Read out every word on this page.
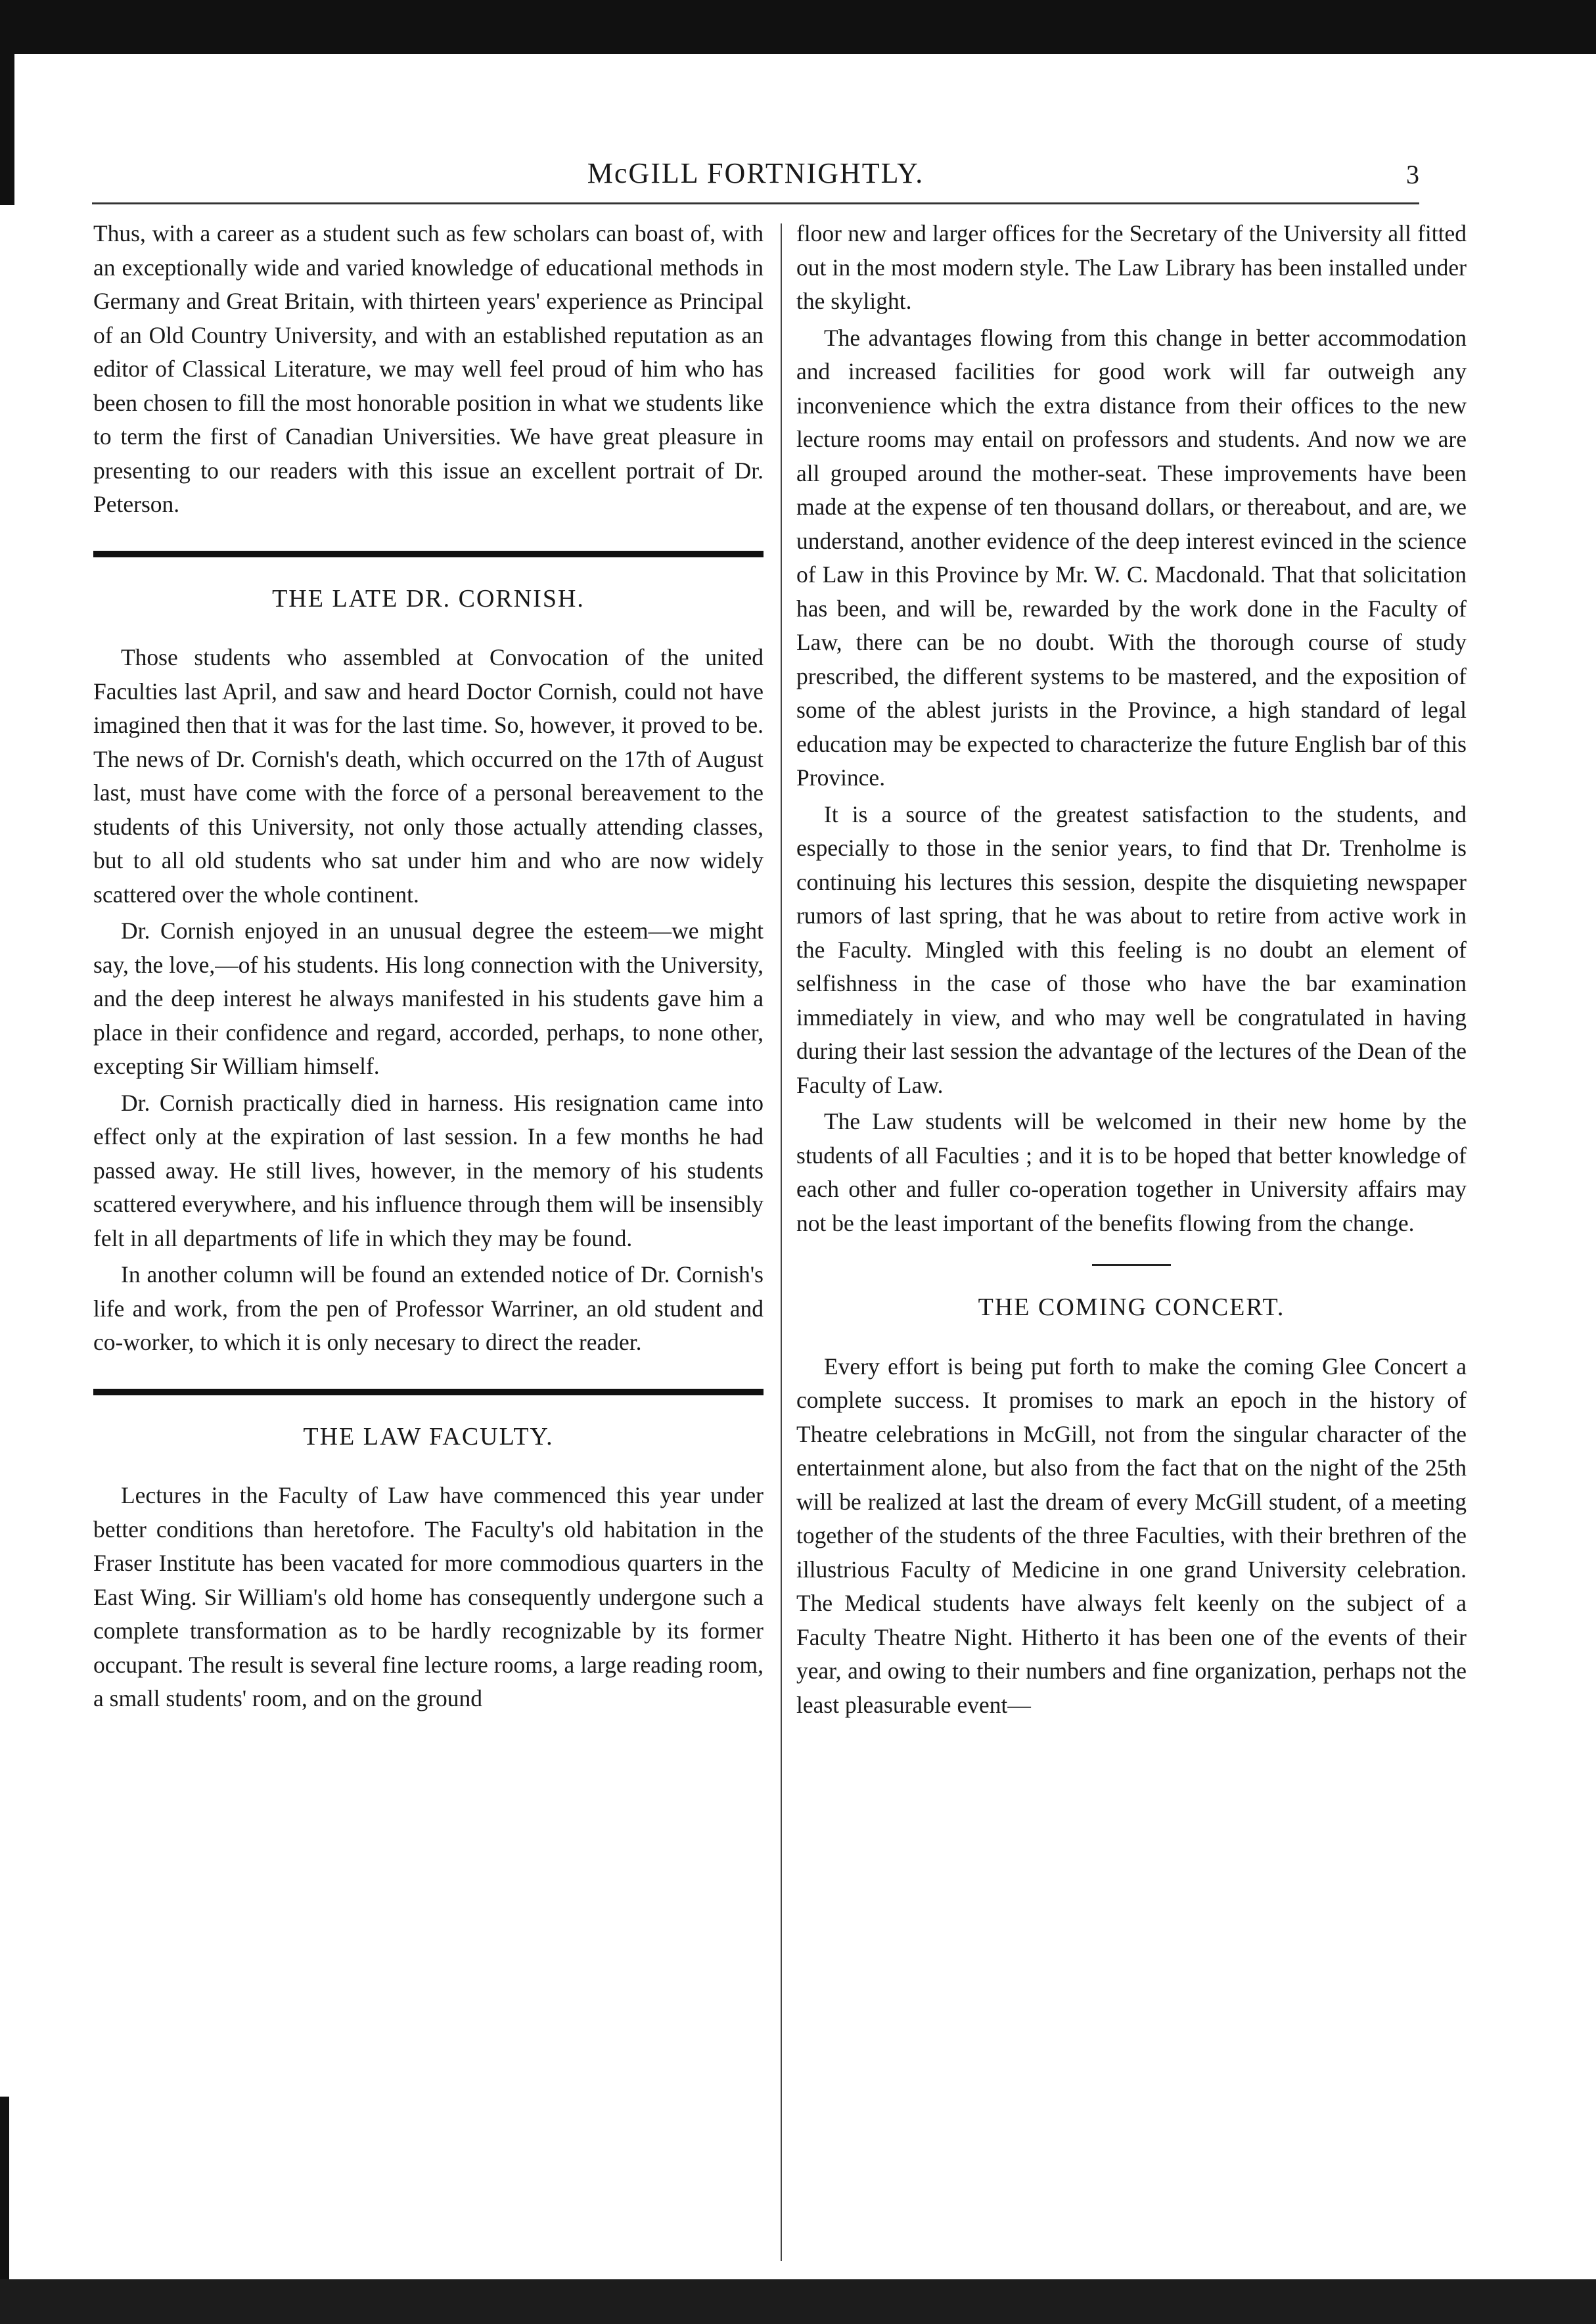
McGILL FORTNIGHTLY.	3

Thus, with a career as a student such as few scholars can boast of, with an exceptionally wide and varied knowledge of educational methods in Germany and Great Britain, with thirteen years' experience as Principal of an Old Country University, and with an established reputation as an editor of Classical Literature, we may well feel proud of him who has been chosen to fill the most honorable position in what we students like to term the first of Canadian Universities. We have great pleasure in presenting to our readers with this issue an excellent portrait of Dr. Peterson.

THE LATE DR. CORNISH.

Those students who assembled at Convocation of the united Faculties last April, and saw and heard Doctor Cornish, could not have imagined then that it was for the last time. So, however, it proved to be. The news of Dr. Cornish's death, which occurred on the 17th of August last, must have come with the force of a personal bereavement to the students of this University, not only those actually attending classes, but to all old students who sat under him and who are now widely scattered over the whole continent.

Dr. Cornish enjoyed in an unusual degree the esteem—we might say, the love,—of his students. His long connection with the University, and the deep interest he always manifested in his students gave him a place in their confidence and regard, accorded, perhaps, to none other, excepting Sir William himself.

Dr. Cornish practically died in harness. His resignation came into effect only at the expiration of last session. In a few months he had passed away. He still lives, however, in the memory of his students scattered everywhere, and his influence through them will be insensibly felt in all departments of life in which they may be found.

In another column will be found an extended notice of Dr. Cornish's life and work, from the pen of Professor Warriner, an old student and co-worker, to which it is only necesary to direct the reader.

THE LAW FACULTY.

Lectures in the Faculty of Law have commenced this year under better conditions than heretofore. The Faculty's old habitation in the Fraser Institute has been vacated for more commodious quarters in the East Wing. Sir William's old home has consequently undergone such a complete transformation as to be hardly recognizable by its former occupant. The result is several fine lecture rooms, a large reading room, a small students' room, and on the ground

floor new and larger offices for the Secretary of the University all fitted out in the most modern style. The Law Library has been installed under the skylight.

The advantages flowing from this change in better accommodation and increased facilities for good work will far outweigh any inconvenience which the extra distance from their offices to the new lecture rooms may entail on professors and students. And now we are all grouped around the mother-seat. These improvements have been made at the expense of ten thousand dollars, or thereabout, and are, we understand, another evidence of the deep interest evinced in the science of Law in this Province by Mr. W. C. Macdonald. That that solicitation has been, and will be, rewarded by the work done in the Faculty of Law, there can be no doubt. With the thorough course of study prescribed, the different systems to be mastered, and the exposition of some of the ablest jurists in the Province, a high standard of legal education may be expected to characterize the future English bar of this Province.

It is a source of the greatest satisfaction to the students, and especially to those in the senior years, to find that Dr. Trenholme is continuing his lectures this session, despite the disquieting newspaper rumors of last spring, that he was about to retire from active work in the Faculty. Mingled with this feeling is no doubt an element of selfishness in the case of those who have the bar examination immediately in view, and who may well be congratulated in having during their last session the advantage of the lectures of the Dean of the Faculty of Law.

The Law students will be welcomed in their new home by the students of all Faculties ; and it is to be hoped that better knowledge of each other and fuller co-operation together in University affairs may not be the least important of the benefits flowing from the change.

THE COMING CONCERT.

Every effort is being put forth to make the coming Glee Concert a complete success. It promises to mark an epoch in the history of Theatre celebrations in McGill, not from the singular character of the entertainment alone, but also from the fact that on the night of the 25th will be realized at last the dream of every McGill student, of a meeting together of the students of the three Faculties, with their brethren of the illustrious Faculty of Medicine in one grand University celebration. The Medical students have always felt keenly on the subject of a Faculty Theatre Night. Hitherto it has been one of the events of their year, and owing to their numbers and fine organization, perhaps not the least pleasurable event—
